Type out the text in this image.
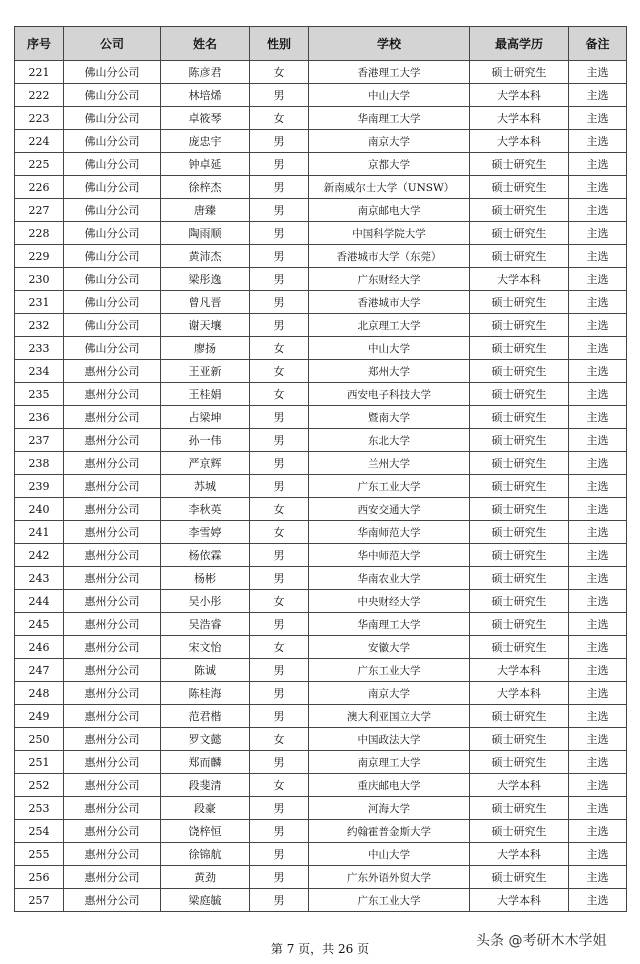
序号	公司	姓名	性别	学校	最高学历	备注
221	佛山分公司	陈彦君	女	香港理工大学	硕士研究生	主选
222	佛山分公司	林培烯	男	中山大学	大学本科	主选
223	佛山分公司	卓筱琴	女	华南理工大学	大学本科	主选
224	佛山分公司	庞忠宇	男	南京大学	大学本科	主选
225	佛山分公司	钟卓延	男	京都大学	硕士研究生	主选
226	佛山分公司	徐梓杰	男	新南威尔士大学（UNSW）	硕士研究生	主选
227	佛山分公司	唐臻	男	南京邮电大学	硕士研究生	主选
228	佛山分公司	陶雨顺	男	中国科学院大学	硕士研究生	主选
229	佛山分公司	黄沛杰	男	香港城市大学（东莞）	硕士研究生	主选
230	佛山分公司	梁彤逸	男	广东财经大学	大学本科	主选
231	佛山分公司	曾凡晋	男	香港城市大学	硕士研究生	主选
232	佛山分公司	谢天壤	男	北京理工大学	硕士研究生	主选
233	佛山分公司	廖扬	女	中山大学	硕士研究生	主选
234	惠州分公司	王亚新	女	郑州大学	硕士研究生	主选
235	惠州分公司	王桂娟	女	西安电子科技大学	硕士研究生	主选
236	惠州分公司	占梁坤	男	暨南大学	硕士研究生	主选
237	惠州分公司	孙一伟	男	东北大学	硕士研究生	主选
238	惠州分公司	严京辉	男	兰州大学	硕士研究生	主选
239	惠州分公司	苏城	男	广东工业大学	硕士研究生	主选
240	惠州分公司	李秋英	女	西安交通大学	硕士研究生	主选
241	惠州分公司	李雪婷	女	华南师范大学	硕士研究生	主选
242	惠州分公司	杨依霖	男	华中师范大学	硕士研究生	主选
243	惠州分公司	杨彬	男	华南农业大学	硕士研究生	主选
244	惠州分公司	吴小彤	女	中央财经大学	硕士研究生	主选
245	惠州分公司	吴浩睿	男	华南理工大学	硕士研究生	主选
246	惠州分公司	宋文怡	女	安徽大学	硕士研究生	主选
247	惠州分公司	陈诚	男	广东工业大学	大学本科	主选
248	惠州分公司	陈桂海	男	南京大学	大学本科	主选
249	惠州分公司	范君楷	男	澳大利亚国立大学	硕士研究生	主选
250	惠州分公司	罗文懿	女	中国政法大学	硕士研究生	主选
251	惠州分公司	郑而麟	男	南京理工大学	硕士研究生	主选
252	惠州分公司	段斐清	女	重庆邮电大学	大学本科	主选
253	惠州分公司	段豪	男	河海大学	硕士研究生	主选
254	惠州分公司	饶梓恒	男	约翰霍普金斯大学	硕士研究生	主选
255	惠州分公司	徐锦航	男	中山大学	大学本科	主选
256	惠州分公司	黄劲	男	广东外语外贸大学	硕士研究生	主选
257	惠州分公司	梁庭毓	男	广东工业大学	大学本科	主选
第 7 页，共 26 页	头条 @考研木木学姐
